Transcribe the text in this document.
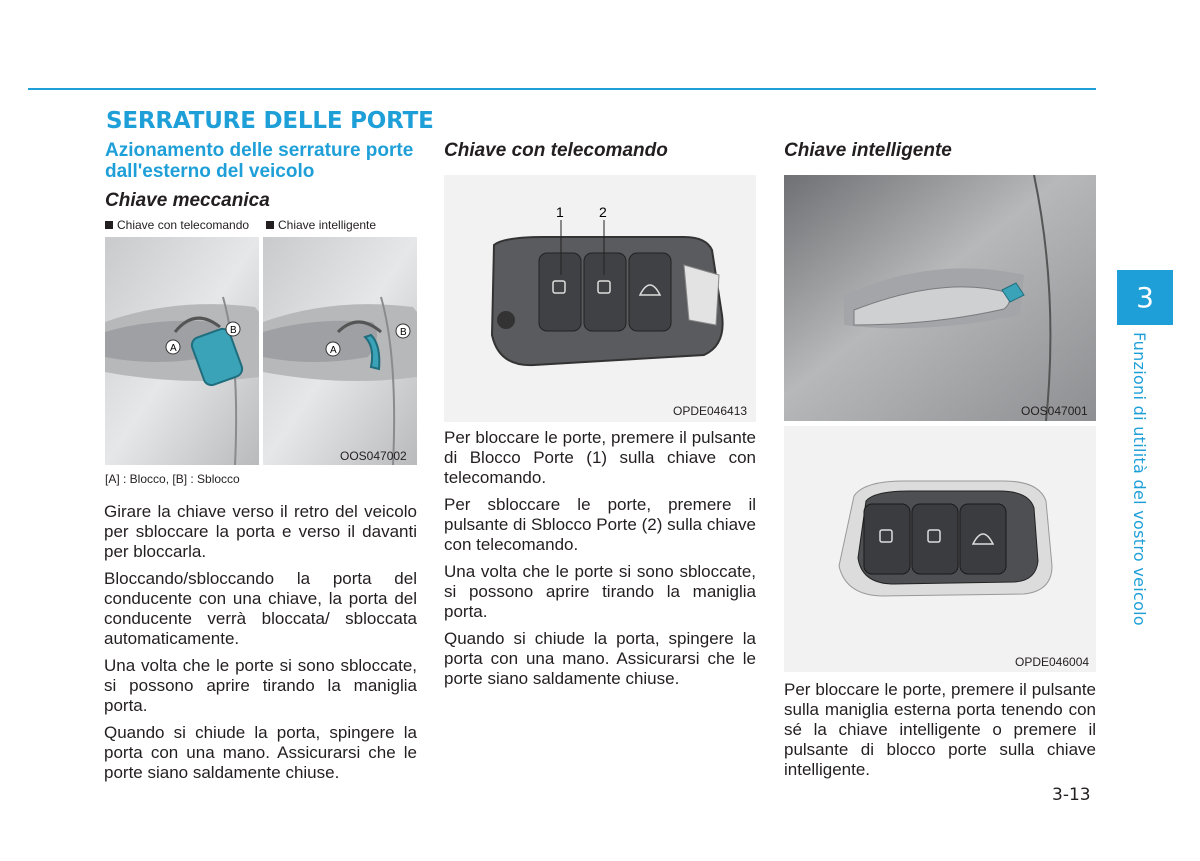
SERRATURE DELLE PORTE
Azionamento delle serrature porte dall'esterno del veicolo
Chiave meccanica
Chiave con telecomando	Chiave intelligente
A
B
A
B
OOS047002
[A] : Blocco, [B] : Sblocco

Girare la chiave verso il retro del veicolo per sbloccare la porta e verso il davanti per bloccarla.

Bloccando/sbloccando la porta del conducente con una chiave, la porta del conducente verrà bloccata/ sbloccata automaticamente.

Una volta che le porte si sono sbloccate, si possono aprire tirando la maniglia porta.

Quando si chiude la porta, spingere la porta con una mano. Assicurarsi che le porte siano saldamente chiuse.

Chiave con telecomando
1	2
OPDE046413

Per bloccare le porte, premere il pulsante di Blocco Porte (1) sulla chiave con telecomando.

Per sbloccare le porte, premere il pulsante di Sblocco Porte (2) sulla chiave con telecomando.

Una volta che le porte si sono sbloccate, si possono aprire tirando la maniglia porta.

Quando si chiude la porta, spingere la porta con una mano. Assicurarsi che le porte siano saldamente chiuse.

Chiave intelligente
OOS047001
OPDE046004

Per bloccare le porte, premere il pulsante sulla maniglia esterna porta tenendo con sé la chiave intelligente o premere il pulsante di blocco porte sulla chiave intelligente.

3
Funzioni di utilità del vostro veicolo
3-13
